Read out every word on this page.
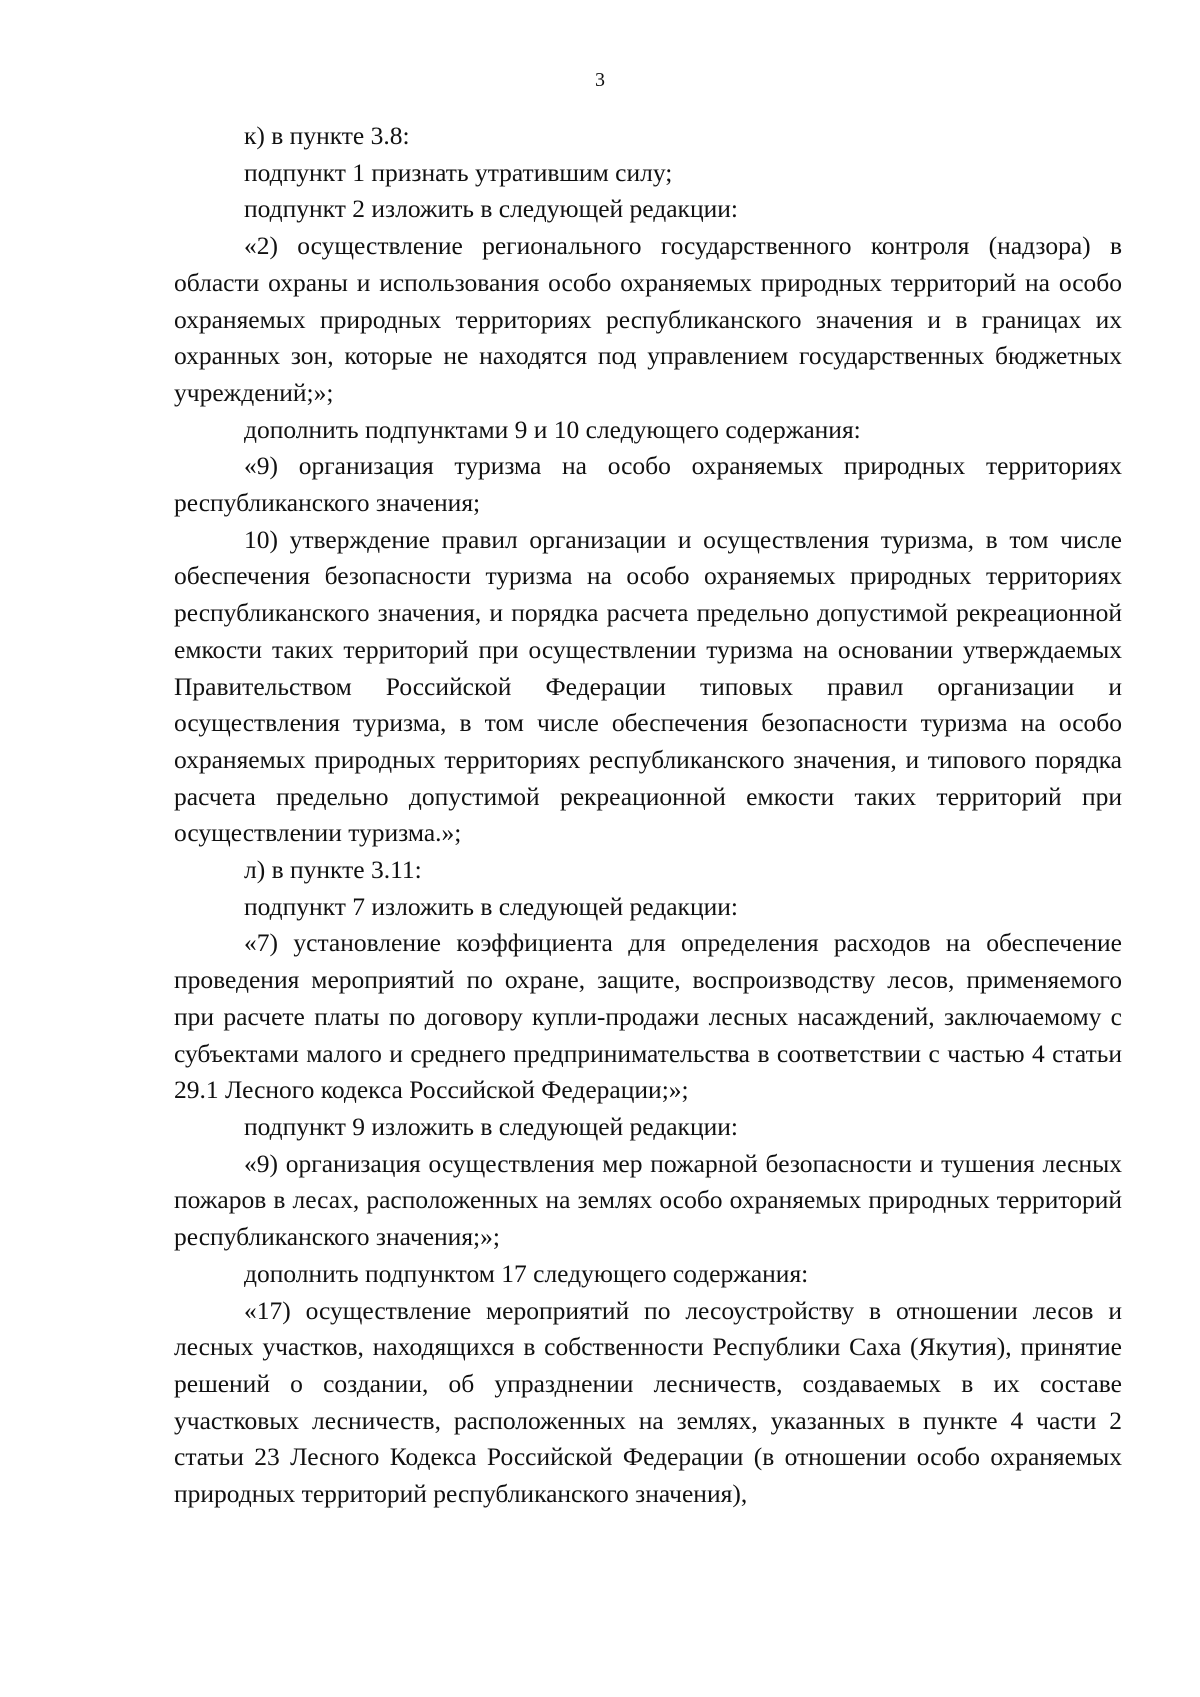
3

к) в пункте 3.8:

подпункт 1 признать утратившим силу;

подпункт 2 изложить в следующей редакции:

«2) осуществление регионального государственного контроля (надзора) в области охраны и использования особо охраняемых природных территорий на особо охраняемых природных территориях республиканского значения и в границах их охранных зон, которые не находятся под управлением государственных бюджетных учреждений;»;

дополнить подпунктами 9 и 10 следующего содержания:

«9) организация туризма на особо охраняемых природных территориях республиканского значения;

10) утверждение правил организации и осуществления туризма, в том числе обеспечения безопасности туризма на особо охраняемых природных территориях республиканского значения, и порядка расчета предельно допустимой рекреационной емкости таких территорий при осуществлении туризма на основании утверждаемых Правительством Российской Федерации типовых правил организации и осуществления туризма, в том числе обеспечения безопасности туризма на особо охраняемых природных территориях республиканского значения, и типового порядка расчета предельно допустимой рекреационной емкости таких территорий при осуществлении туризма.»;

л) в пункте 3.11:

подпункт 7 изложить в следующей редакции:

«7) установление коэффициента для определения расходов на обеспечение проведения мероприятий по охране, защите, воспроизводству лесов, применяемого при расчете платы по договору купли-продажи лесных насаждений, заключаемому с субъектами малого и среднего предпринимательства в соответствии с частью 4 статьи 29.1 Лесного кодекса Российской Федерации;»;

подпункт 9 изложить в следующей редакции:

«9) организация осуществления мер пожарной безопасности и тушения лесных пожаров в лесах, расположенных на землях особо охраняемых природных территорий республиканского значения;»;

дополнить подпунктом 17 следующего содержания:

«17) осуществление мероприятий по лесоустройству в отношении лесов и лесных участков, находящихся в собственности Республики Саха (Якутия), принятие решений о создании, об упразднении лесничеств, создаваемых в их составе участковых лесничеств, расположенных на землях, указанных в пункте 4 части 2 статьи 23 Лесного Кодекса Российской Федерации (в отношении особо охраняемых природных территорий республиканского значения),
